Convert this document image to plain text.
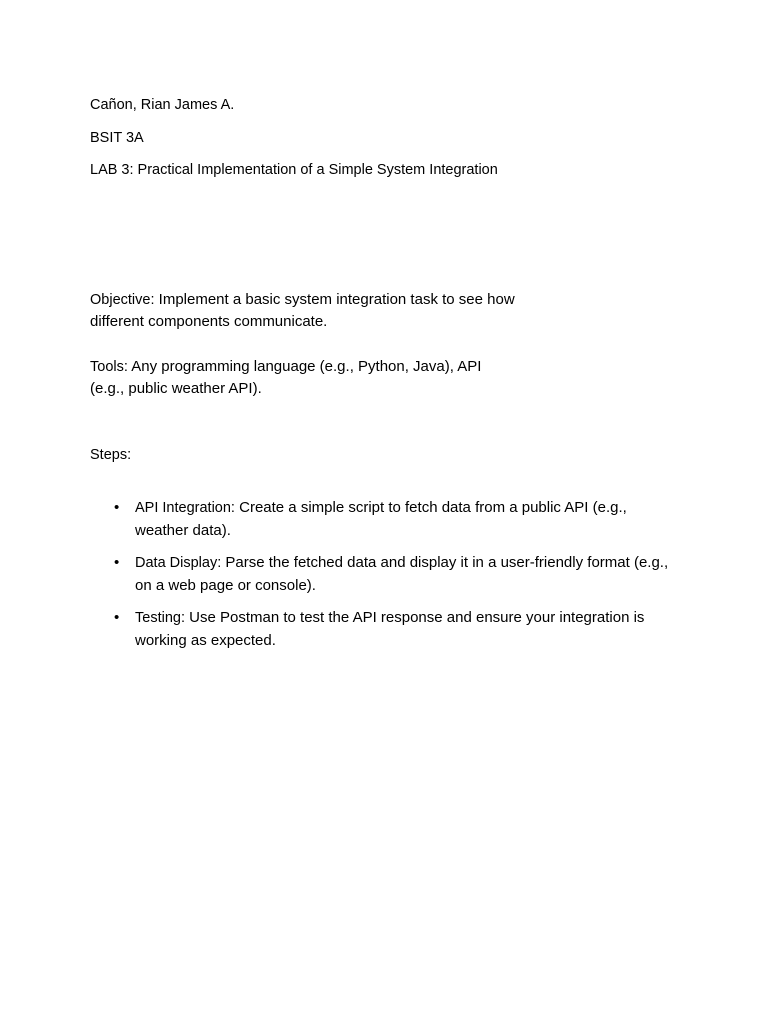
Cañon, Rian James A.
BSIT 3A
LAB 3: Practical Implementation of a Simple System Integration
Objective: Implement a basic system integration task to see how different components communicate.
Tools: Any programming language (e.g., Python, Java), API (e.g., public weather API).
Steps:
• API Integration: Create a simple script to fetch data from a public API (e.g., weather data).
• Data Display: Parse the fetched data and display it in a user-friendly format (e.g., on a web page or console).
• Testing: Use Postman to test the API response and ensure your integration is working as expected.
